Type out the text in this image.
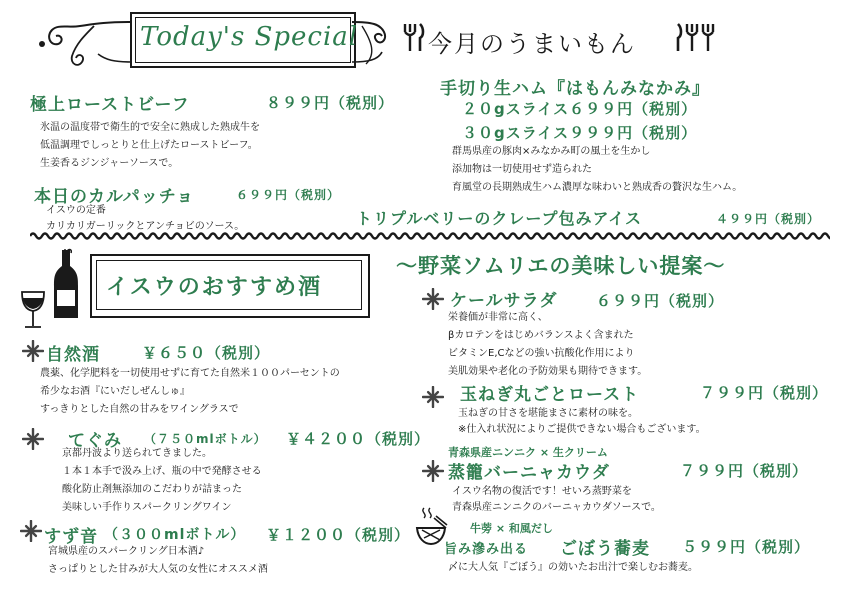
Today's Special	今月のうまいもん
極上ローストビーフ	８９９円（税別）
氷温の温度帯で衛生的で安全に熟成した熟成牛を
低温調理でしっとりと仕上げたローストビーフ。
生姜香るジンジャーソースで。
本日のカルパッチョ	６９９円（税別）
イスウの定番
カリカリガーリックとアンチョビのソース。
手切り生ハム『はもんみなかみ』
２０gスライス６９９円（税別）
３０gスライス９９９円（税別）
群馬県産の豚肉×みなかみ町の風土を生かし
添加物は一切使用せず造られた
育風堂の長期熟成生ハム濃厚な味わいと熟成香の贅沢な生ハム。
トリプルベリーのクレープ包みアイス	４９９円（税別）
イスウのおすすめ酒
〜野菜ソムリエの美味しい提案〜
自然酒	￥６５０（税別）
農薬、化学肥料を一切使用せずに育てた自然米１００パーセントの
希少なお酒『にいだしぜんしゅ』
すっきりとした自然の甘みをワイングラスで
てぐみ （７５０mlボトル） ￥４２００（税別）
京都丹波より送られてきました。
１本１本手で汲み上げ、瓶の中で発酵させる
酸化防止剤無添加のこだわりが詰まった
美味しい手作りスパークリングワイン
すず音 （３００mlボトル） ￥１２００（税別）
宮城県産のスパークリング日本酒♪
さっぱりとした甘みが大人気の女性にオススメ酒
ケールサラダ	６９９円（税別）
栄養価が非常に高く、
βカロテンをはじめバランスよく含まれた
ビタミンE,Cなどの強い抗酸化作用により
美肌効果や老化の予防効果も期待できます。
玉ねぎ丸ごとロースト	７９９円（税別）
玉ねぎの甘さを堪能まさに素材の味を。
※仕入れ状況によりご提供できない場合もございます。
青森県産ニンニク × 生クリーム
蒸籠バーニャカウダ	７９９円（税別）
イスウ名物の復活です！せいろ蒸野菜を
青森県産ニンニクのバーニャカウダソースで。
牛蒡 × 和風だし
旨み滲み出る ごぼう蕎麦 ５９９円（税別）
〆に大人気『ごぼう』の効いたお出汁で楽しむお蕎麦。
